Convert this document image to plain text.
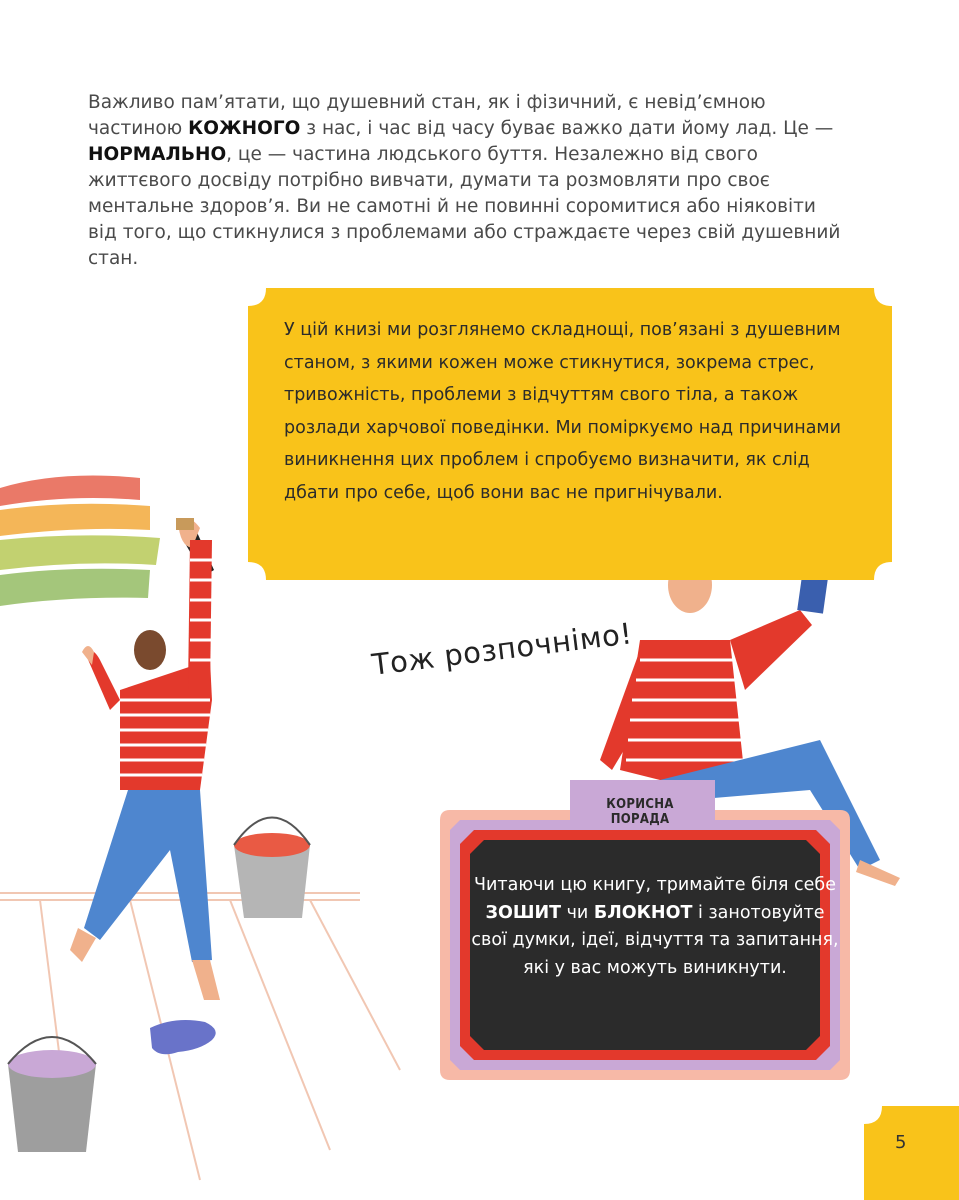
Важливо пам’ятати, що душевний стан, як і фізичний, є невід’ємною частиною КОЖНОГО з нас, і час від часу буває важко дати йому лад. Це — НОРМАЛЬНО, це — частина людського буття. Незалежно від свого життєвого досвіду потрібно вивчати, думати та розмовляти про своє ментальне здоров’я. Ви не самотні й не повинні соромитися або ніяковіти від того, що стикнулися з проблемами або страждаєте через свій душевний стан.

У цій книзі ми розглянемо складнощі, пов’язані з душевним станом, з якими кожен може стикнутися, зокрема стрес, тривожність, проблеми з відчуттям свого тіла, а також розлади харчової поведінки. Ми поміркуємо над причинами виникнення цих проблем і спробуємо визначити, як слід дбати про себе, щоб вони вас не пригнічували.

Тож розпочнімо!
КОРИСНА ПОРАДА

Читаючи цю книгу, тримайте біля себе ЗОШИТ чи БЛОКНОТ і занотовуйте свої думки, ідеї, відчуття та запитання, які у вас можуть виникнути.

5
